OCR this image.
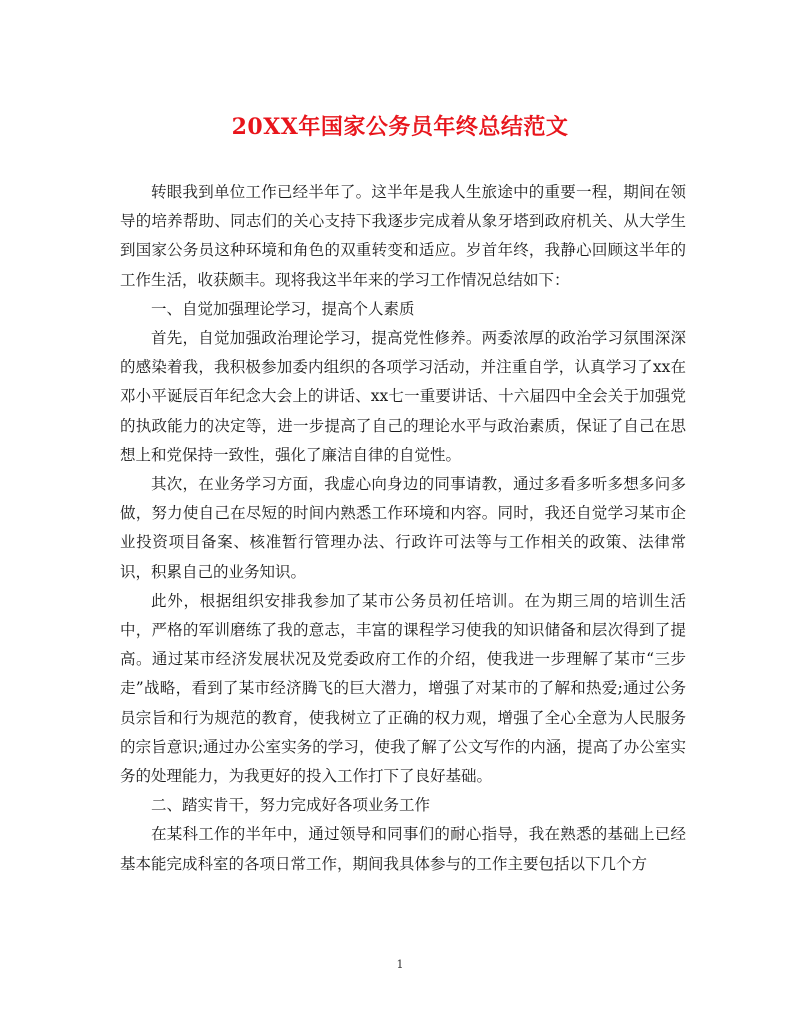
20XX年国家公务员年终总结范文

转眼我到单位工作已经半年了。这半年是我人生旅途中的重要一程，期间在领导的培养帮助、同志们的关心支持下我逐步完成着从象牙塔到政府机关、从大学生到国家公务员这种环境和角色的双重转变和适应。岁首年终，我静心回顾这半年的工作生活，收获颇丰。现将我这半年来的学习工作情况总结如下：

一、自觉加强理论学习，提高个人素质

首先，自觉加强政治理论学习，提高党性修养。两委浓厚的政治学习氛围深深的感染着我，我积极参加委内组织的各项学习活动，并注重自学，认真学习了xx在邓小平诞辰百年纪念大会上的讲话、xx七一重要讲话、十六届四中全会关于加强党的执政能力的决定等，进一步提高了自己的理论水平与政治素质，保证了自己在思想上和党保持一致性，强化了廉洁自律的自觉性。

其次，在业务学习方面，我虚心向身边的同事请教，通过多看多听多想多问多做，努力使自己在尽短的时间内熟悉工作环境和内容。同时，我还自觉学习某市企业投资项目备案、核准暂行管理办法、行政许可法等与工作相关的政策、法律常识，积累自己的业务知识。

此外，根据组织安排我参加了某市公务员初任培训。在为期三周的培训生活中，严格的军训磨练了我的意志，丰富的课程学习使我的知识储备和层次得到了提高。通过某市经济发展状况及党委政府工作的介绍，使我进一步理解了某市“三步走”战略，看到了某市经济腾飞的巨大潜力，增强了对某市的了解和热爱;通过公务员宗旨和行为规范的教育，使我树立了正确的权力观，增强了全心全意为人民服务的宗旨意识;通过办公室实务的学习，使我了解了公文写作的内涵，提高了办公室实务的处理能力，为我更好的投入工作打下了良好基础。

二、踏实肯干，努力完成好各项业务工作

在某科工作的半年中，通过领导和同事们的耐心指导，我在熟悉的基础上已经基本能完成科室的各项日常工作，期间我具体参与的工作主要包括以下几个方

1
